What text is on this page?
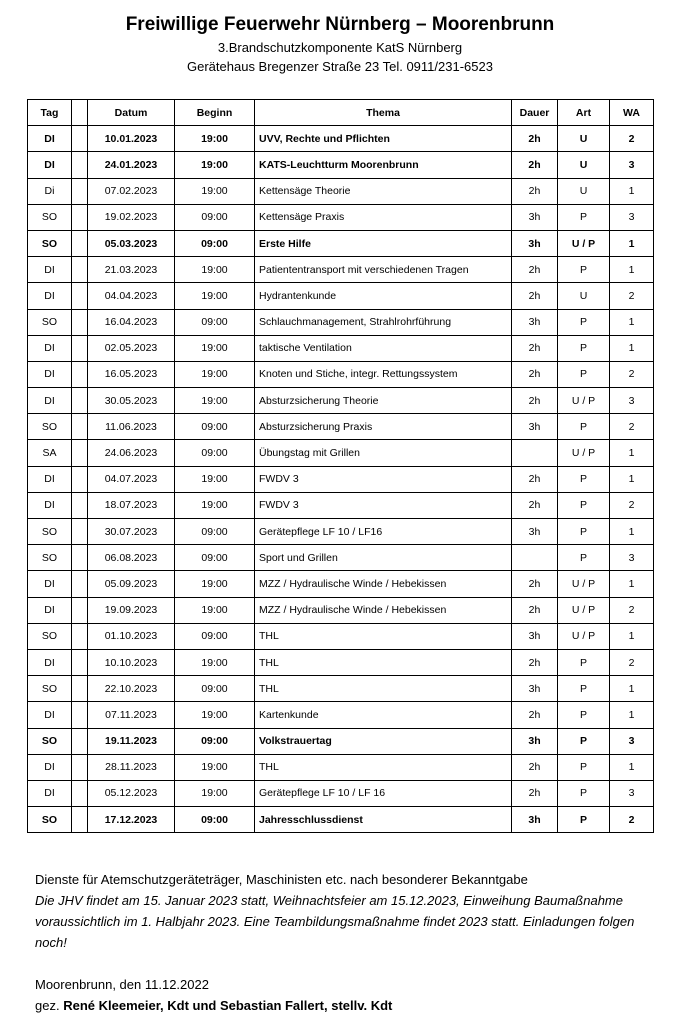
Freiwillige Feuerwehr Nürnberg – Moorenbrunn
3.Brandschutzkomponente KatS Nürnberg
Gerätehaus Bregenzer Straße 23 Tel. 0911/231-6523
Tag		Datum	Beginn	Thema	Dauer	Art	WA
DI		10.01.2023	19:00	UVV, Rechte und Pflichten	2h	U	2
DI		24.01.2023	19:00	KATS-Leuchtturm Moorenbrunn	2h	U	3
Di		07.02.2023	19:00	Kettensäge Theorie	2h	U	1
SO		19.02.2023	09:00	Kettensäge Praxis	3h	P	3
SO		05.03.2023	09:00	Erste Hilfe	3h	U / P	1
DI		21.03.2023	19:00	Patiententransport mit verschiedenen Tragen	2h	P	1
DI		04.04.2023	19:00	Hydrantenkunde	2h	U	2
SO		16.04.2023	09:00	Schlauchmanagement, Strahlrohrführung	3h	P	1
DI		02.05.2023	19:00	taktische Ventilation	2h	P	1
DI		16.05.2023	19:00	Knoten und Stiche, integr. Rettungssystem	2h	P	2
DI		30.05.2023	19:00	Absturzsicherung Theorie	2h	U / P	3
SO		11.06.2023	09:00	Absturzsicherung Praxis	3h	P	2
SA		24.06.2023	09:00	Übungstag mit Grillen		U / P	1
DI		04.07.2023	19:00	FWDV 3	2h	P	1
DI		18.07.2023	19:00	FWDV 3	2h	P	2
SO		30.07.2023	09:00	Gerätepflege LF 10 / LF16	3h	P	1
SO		06.08.2023	09:00	Sport und Grillen		P	3
DI		05.09.2023	19:00	MZZ / Hydraulische Winde / Hebekissen	2h	U / P	1
DI		19.09.2023	19:00	MZZ / Hydraulische Winde / Hebekissen	2h	U / P	2
SO		01.10.2023	09:00	THL	3h	U / P	1
DI		10.10.2023	19:00	THL	2h	P	2
SO		22.10.2023	09:00	THL	3h	P	1
DI		07.11.2023	19:00	Kartenkunde	2h	P	1
SO		19.11.2023	09:00	Volkstrauertag	3h	P	3
DI		28.11.2023	19:00	THL	2h	P	1
DI		05.12.2023	19:00	Gerätepflege LF 10 / LF 16	2h	P	3
SO		17.12.2023	09:00	Jahresschlussdienst	3h	P	2
Dienste für Atemschutzgeräteträger, Maschinisten etc. nach besonderer Bekanntgabe
Die JHV findet am 15. Januar 2023 statt, Weihnachtsfeier am 15.12.2023, Einweihung Baumaßnahme voraussichtlich im 1. Halbjahr 2023. Eine Teambildungsmaßnahme findet 2023 statt. Einladungen folgen noch!
Moorenbrunn, den 11.12.2022
gez. René Kleemeier, Kdt und Sebastian Fallert, stellv. Kdt
